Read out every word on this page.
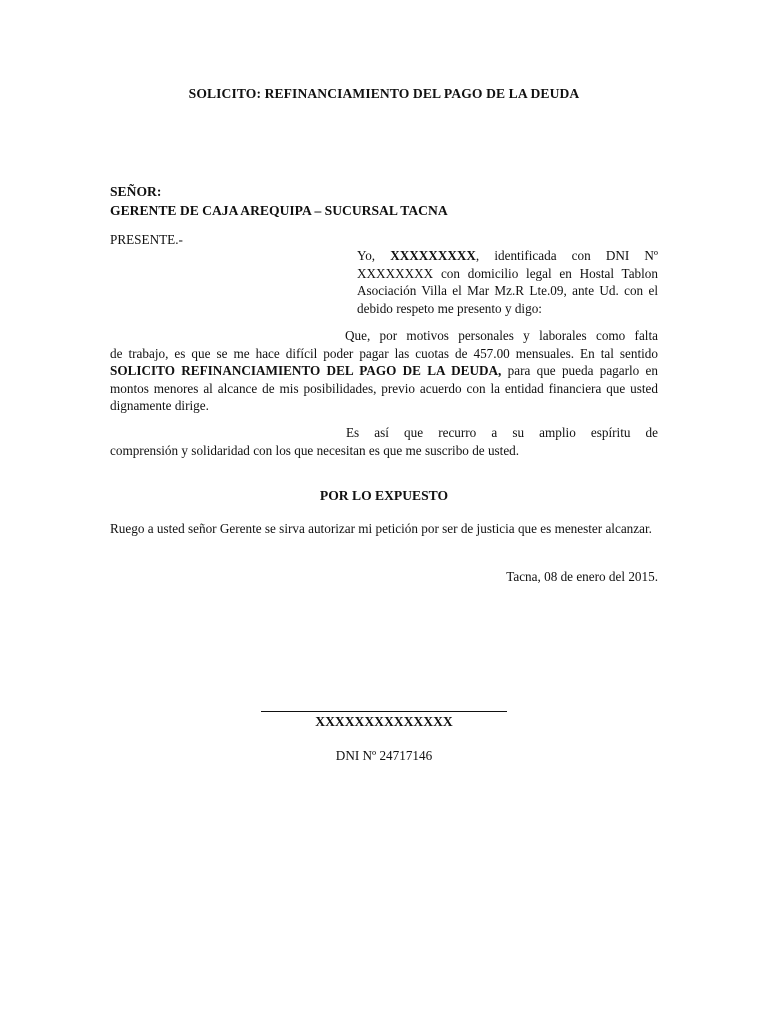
SOLICITO: REFINANCIAMIENTO DEL PAGO DE LA DEUDA
SEÑOR:
GERENTE DE CAJA AREQUIPA – SUCURSAL TACNA
PRESENTE.-
Yo, XXXXXXXXX, identificada con DNI Nº XXXXXXXX con domicilio legal en Hostal Tablon Asociación Villa el Mar Mz.R Lte.09, ante Ud. con el debido respeto me presento y digo:
Que, por motivos personales y laborales como falta
de trabajo, es que se me hace difícil poder pagar las cuotas de 457.00 mensuales. En tal sentido SOLICITO REFINANCIAMIENTO DEL PAGO DE LA DEUDA, para que pueda pagarlo en montos menores al alcance de mis posibilidades, previo acuerdo con la entidad financiera que usted dignamente dirige.
Es así que recurro a su amplio espíritu de
comprensión y solidaridad con los que necesitan es que me suscribo de usted.
POR LO EXPUESTO
Ruego a usted señor Gerente se sirva autorizar mi petición por ser de justicia que es menester alcanzar.
Tacna, 08 de enero del 2015.
XXXXXXXXXXXXXX
DNI Nº 24717146
